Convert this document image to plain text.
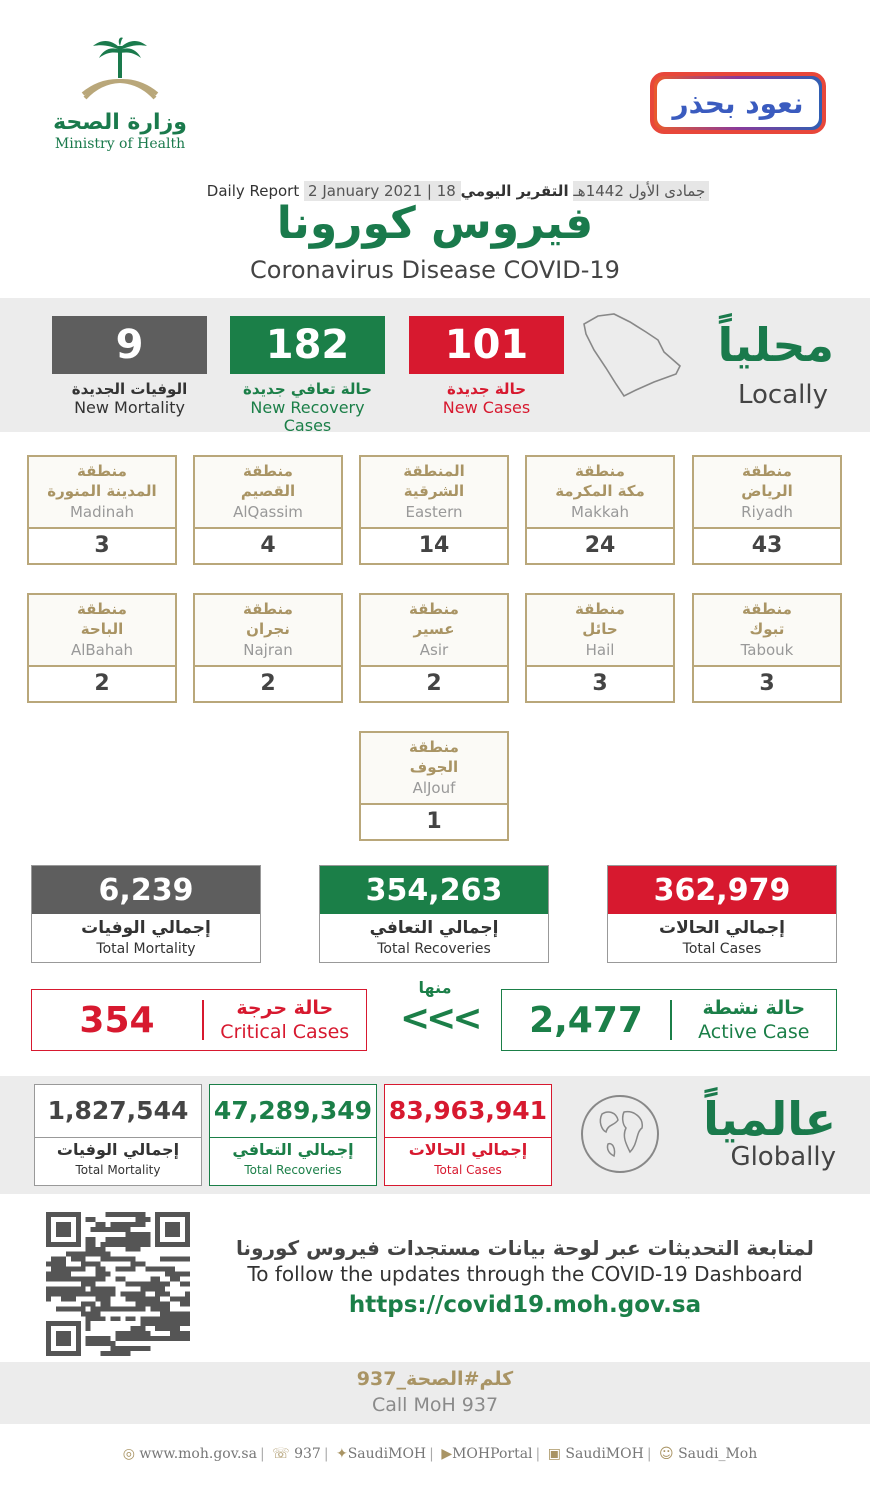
وزارة الصحة
Ministry of Health
نعود بحذر
Daily Report 2 January 2021 | 18 جمادى الأول 1442هـ التقرير اليومي
فيروس كورونا
Coronavirus Disease COVID-19
9
الوفيات الجديدة
New Mortality
182
حالة تعافي جديدة
New Recovery Cases
101
حالة جديدة
New Cases
محلياً
Locally
منطقة
الرياض
Riyadh
43
منطقة
مكة المكرمة
Makkah
24
المنطقة
الشرقية
Eastern
14
منطقة
القصيم
AlQassim
4
منطقة
المدينة المنورة
Madinah
3
منطقة
تبوك
Tabouk
3
منطقة
حائل
Hail
3
منطقة
عسير
Asir
2
منطقة
نجران
Najran
2
منطقة
الباحة
AlBahah
2
منطقة
الجوف
AlJouf
1
6,239
إجمالي الوفيات
Total Mortality
354,263
إجمالي التعافي
Total Recoveries
362,979
إجمالي الحالات
Total Cases
354	حالة حرجة
Critical Cases
منها
<<<	2,477	حالة نشطة
Active Case
1,827,544
إجمالي الوفيات
Total Mortality
47,289,349
إجمالي التعافي
Total Recoveries
83,963,941
إجمالي الحالات
Total Cases
عالمياً
Globally
لمتابعة التحديثات عبر لوحة بيانات مستجدات فيروس كورونا
To follow the updates through the COVID-19 Dashboard
https://covid19.moh.gov.sa
كلم#الصحة_937
Call MoH 937
◎ www.moh.gov.sa | ☏ 937 | ✦SaudiMOH | ▶MOHPortal | ▣ SaudiMOH | ☺ Saudi_Moh
